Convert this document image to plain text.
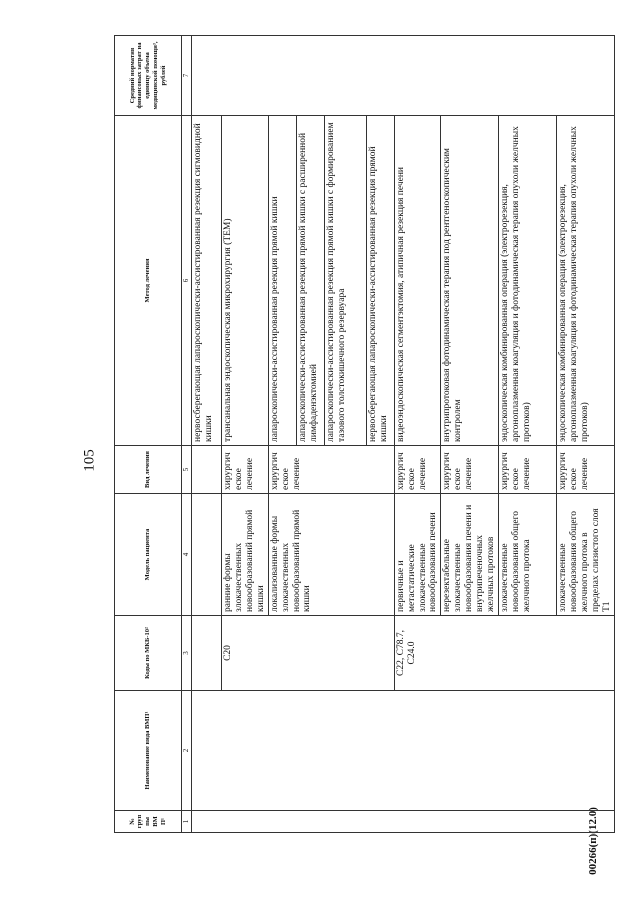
105
00266(п)(12.0)
№ группы ВМП¹	Наименование вида ВМП¹	Коды по МКБ-10²	Модель пациента	Вид лечения	Метод лечения	Средний норматив финансовых затрат на единицу объема медицинской помощи³, рублей
1	2	3	4	5	6	7
					нервосберегающая лапароскопически-ассистированная резекция сигмовидной кишки	
		C20	ранние формы злокачественных новообразований прямой кишки	хирургическое лечение	трансанальная эндоскопическая микрохирургия (TEM)	
			локализованные формы злокачественных новообразований прямой кишки	хирургическое лечение	лапароскопически-ассистированная резекция прямой кишки	
					лапароскопически-ассистированная резекция прямой кишки с расширенной лимфаденэктомией	
					лапароскопически-ассистированная резекция прямой кишки с формированием тазового толстокишечного резервуара	
					нервосберегающая лапароскопически-ассистированная резекция прямой кишки	
		C22, C78.7, C24.0	первичные и метастатические злокачественные новообразования печени	хирургическое лечение	видеоэндоскопическая сегментэктомия, атипичная резекция печени	
			нерезектабельные злокачественные новообразования печени и внутрипеченочных желчных протоков	хирургическое лечение	внутрипротоковая фотодинамическая терапия под рентгеноскопическим контролем	
			злокачественные новообразования общего желчного протока	хирургическое лечение	эндоскопическая комбинированная операция (электрорезекция, аргоноплазменная коагуляция и фотодинамическая терапия опухоли желчных протоков)	
			злокачественные новообразования общего желчного протока в пределах слизистого слоя T1	хирургическое лечение	эндоскопическая комбинированная операция (электрорезекция, аргоноплазменная коагуляция и фотодинамическая терапия опухоли желчных протоков)	
